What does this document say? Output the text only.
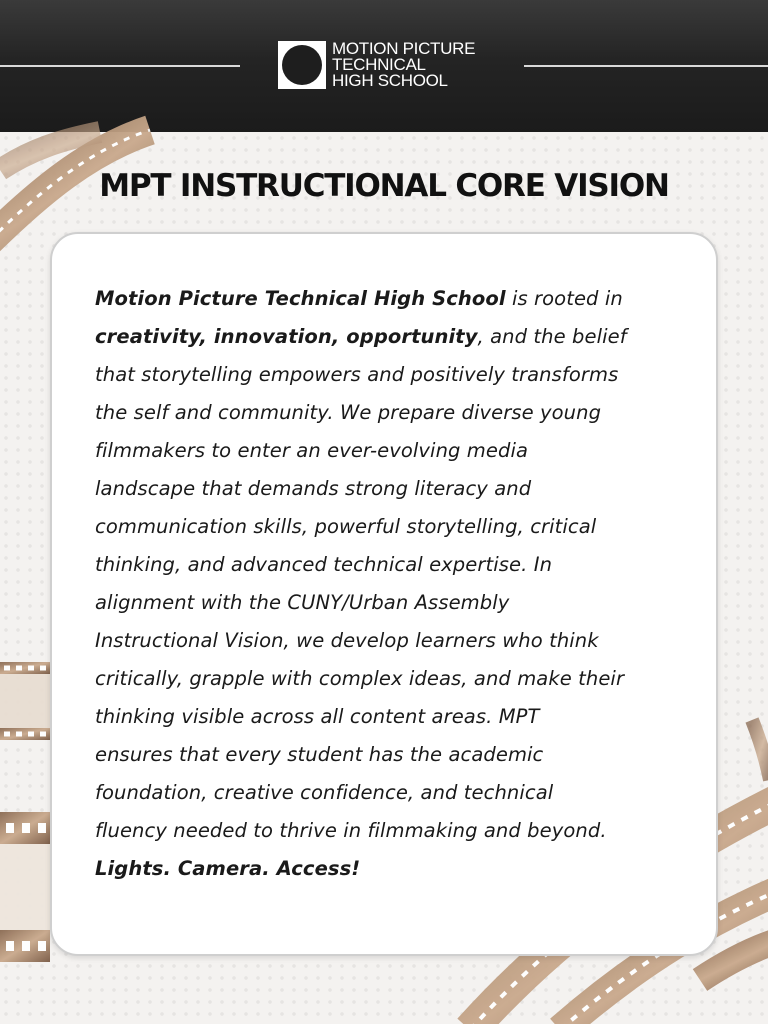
MOTION PICTURE
TECHNICAL
HIGH SCHOOL
MPT INSTRUCTIONAL CORE VISION

Motion Picture Technical High School is rooted in
creativity, innovation, opportunity, and the belief
that storytelling empowers and positively transforms
the self and community. We prepare diverse young
filmmakers to enter an ever-evolving media
landscape that demands strong literacy and
communication skills, powerful storytelling, critical
thinking, and advanced technical expertise. In
alignment with the CUNY/Urban Assembly
Instructional Vision, we develop learners who think
critically, grapple with complex ideas, and make their
thinking visible across all content areas. MPT
ensures that every student has the academic
foundation, creative confidence, and technical
fluency needed to thrive in filmmaking and beyond.
Lights. Camera. Access!
